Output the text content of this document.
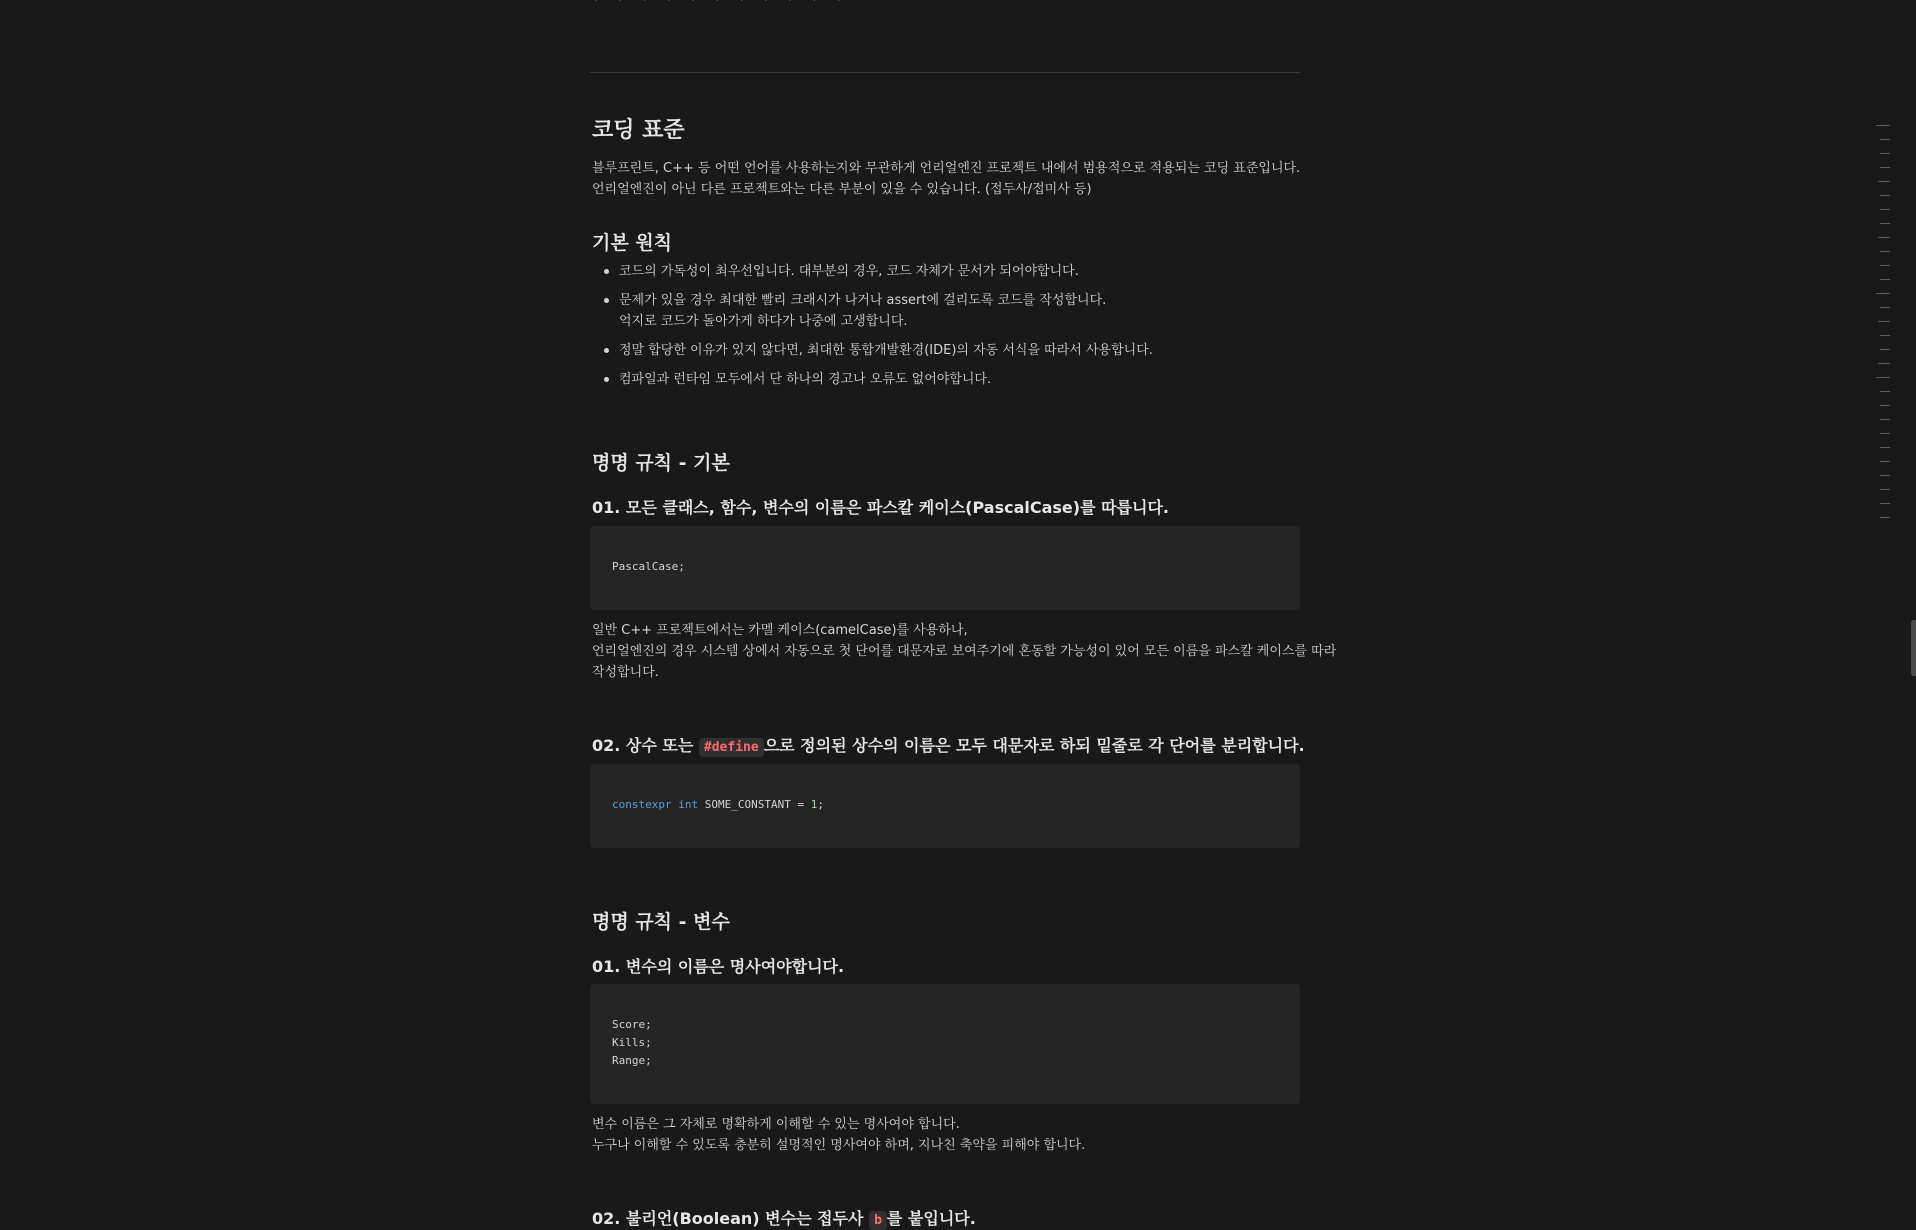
코딩 표준
블루프린트, C++ 등 어떤 언어를 사용하는지와 무관하게 언리얼엔진 프로젝트 내에서 범용적으로 적용되는 코딩 표준입니다.
언리얼엔진이 아닌 다른 프로젝트와는 다른 부분이 있을 수 있습니다. (접두사/접미사 등)
기본 원칙
코드의 가독성이 최우선입니다. 대부분의 경우, 코드 자체가 문서가 되어야합니다.
문제가 있을 경우 최대한 빨리 크래시가 나거나 assert에 걸리도록 코드를 작성합니다.
억지로 코드가 돌아가게 하다가 나중에 고생합니다.
정말 합당한 이유가 있지 않다면, 최대한 통합개발환경(IDE)의 자동 서식을 따라서 사용합니다.
컴파일과 런타임 모두에서 단 하나의 경고나 오류도 없어야합니다.
명명 규칙 - 기본
01. 모든 클래스, 함수, 변수의 이름은 파스칼 케이스(PascalCase)를 따릅니다.
PascalCase;
일반 C++ 프로젝트에서는 카멜 케이스(camelCase)를 사용하나,
언리얼엔진의 경우 시스템 상에서 자동으로 첫 단어를 대문자로 보여주기에 혼동할 가능성이 있어 모든 이름을 파스칼 케이스를 따라
작성합니다.
02. 상수 또는 #define 으로 정의된 상수의 이름은 모두 대문자로 하되 밑줄로 각 단어를 분리합니다.
constexpr int SOME_CONSTANT = 1;
명명 규칙 - 변수
01. 변수의 이름은 명사여야합니다.
Score;
Kills;
Range;
변수 이름은 그 자체로 명확하게 이해할 수 있는 명사여야 합니다.
누구나 이해할 수 있도록 충분히 설명적인 명사여야 하며, 지나친 축약을 피해야 합니다.
02. 불리언(Boolean) 변수는 접두사 b 를 붙입니다.
